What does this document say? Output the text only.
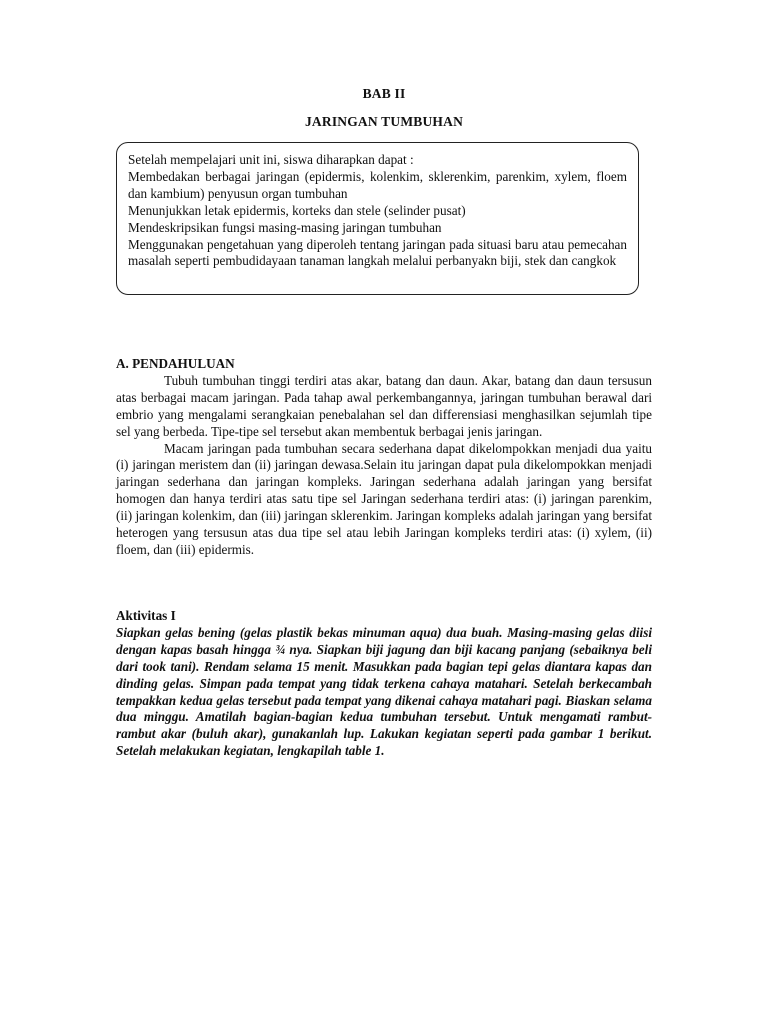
BAB II
JARINGAN TUMBUHAN

Setelah mempelajari unit ini, siswa diharapkan dapat :

Membedakan berbagai jaringan (epidermis, kolenkim, sklerenkim, parenkim, xylem, floem dan kambium) penyusun organ tumbuhan

Menunjukkan letak epidermis, korteks dan stele (selinder pusat)

Mendeskripsikan fungsi masing-masing jaringan tumbuhan

Menggunakan pengetahuan yang diperoleh tentang jaringan pada situasi baru atau pemecahan masalah seperti pembudidayaan tanaman langkah melalui perbanyakn biji, stek dan cangkok

A. PENDAHULUAN

Tubuh tumbuhan tinggi terdiri atas akar, batang dan daun. Akar, batang dan daun tersusun atas berbagai macam jaringan. Pada tahap awal perkembangannya, jaringan tumbuhan berawal dari embrio yang mengalami serangkaian penebalahan sel dan differensiasi menghasilkan sejumlah tipe sel yang berbeda. Tipe-tipe sel tersebut akan membentuk berbagai jenis jaringan.

Macam jaringan pada tumbuhan secara sederhana dapat dikelompokkan menjadi dua yaitu (i) jaringan meristem dan (ii) jaringan dewasa.Selain itu jaringan dapat pula dikelompokkan menjadi jaringan sederhana dan jaringan kompleks. Jaringan sederhana adalah jaringan yang bersifat homogen dan hanya terdiri atas satu tipe sel Jaringan sederhana terdiri atas: (i) jaringan parenkim, (ii) jaringan kolenkim, dan (iii) jaringan sklerenkim. Jaringan kompleks adalah jaringan yang bersifat heterogen yang tersusun atas dua tipe sel atau lebih Jaringan kompleks terdiri atas: (i) xylem, (ii) floem, dan (iii) epidermis.

Aktivitas I

Siapkan gelas bening (gelas plastik bekas minuman aqua) dua buah. Masing-masing gelas diisi dengan kapas basah hingga ¾ nya. Siapkan biji jagung dan biji kacang panjang (sebaiknya beli dari took tani). Rendam selama 15 menit. Masukkan pada bagian tepi gelas diantara kapas dan dinding gelas. Simpan pada tempat yang tidak terkena cahaya matahari. Setelah berkecambah tempakkan kedua gelas tersebut pada tempat yang dikenai cahaya matahari pagi. Biaskan selama dua minggu. Amatilah bagian-bagian kedua tumbuhan tersebut. Untuk mengamati rambut-rambut akar (buluh akar), gunakanlah lup. Lakukan kegiatan seperti pada gambar 1 berikut. Setelah melakukan kegiatan, lengkapilah table 1.
